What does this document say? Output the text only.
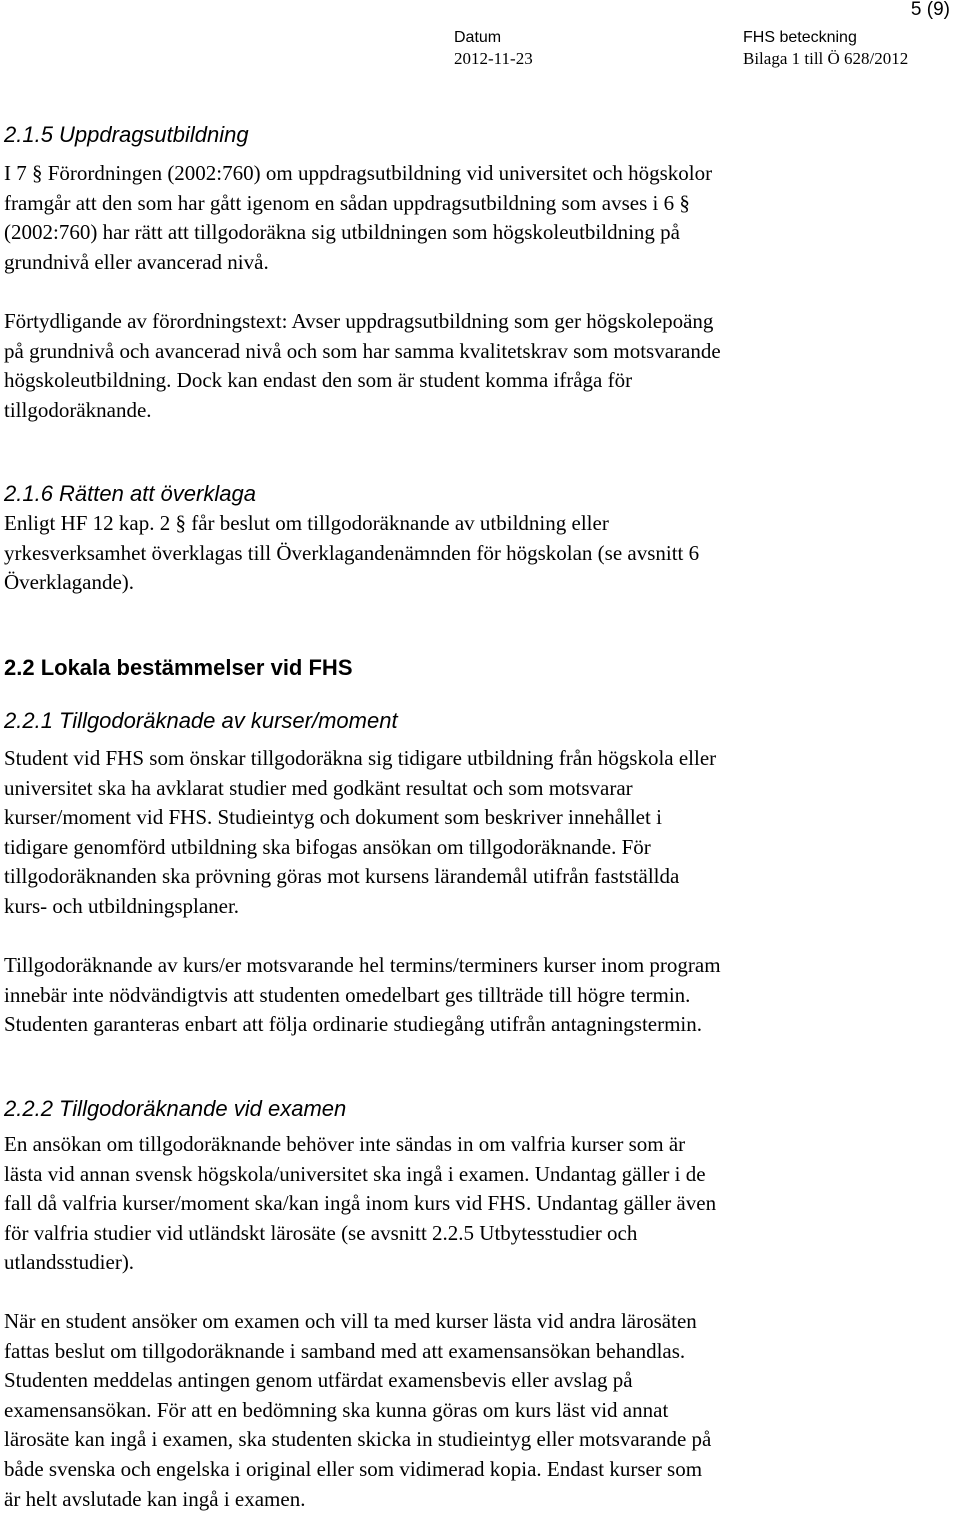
5 (9)
Datum
2012-11-23
FHS beteckning
Bilaga 1 till Ö 628/2012
2.1.5 Uppdragsutbildning
I 7 § Förordningen (2002:760) om uppdragsutbildning vid universitet och högskolor
framgår att den som har gått igenom en sådan uppdragsutbildning som avses i 6 §
(2002:760) har rätt att tillgodoräkna sig utbildningen som högskoleutbildning på
grundnivå eller avancerad nivå.
Förtydligande av förordningstext: Avser uppdragsutbildning som ger högskolepoäng
på grundnivå och avancerad nivå och som har samma kvalitetskrav som motsvarande
högskoleutbildning. Dock kan endast den som är student komma ifråga för
tillgodoräknande.
2.1.6 Rätten att överklaga
Enligt HF 12 kap. 2 § får beslut om tillgodoräknande av utbildning eller
yrkesverksamhet överklagas till Överklagandenämnden för högskolan (se avsnitt 6
Överklagande).
2.2 Lokala bestämmelser vid FHS
2.2.1 Tillgodoräknade av kurser/moment
Student vid FHS som önskar tillgodoräkna sig tidigare utbildning från högskola eller
universitet ska ha avklarat studier med godkänt resultat och som motsvarar
kurser/moment vid FHS. Studieintyg och dokument som beskriver innehållet i
tidigare genomförd utbildning ska bifogas ansökan om tillgodoräknande. För
tillgodoräknanden ska prövning göras mot kursens lärandemål utifrån fastställda
kurs- och utbildningsplaner.
Tillgodoräknande av kurs/er motsvarande hel termins/terminers kurser inom program
innebär inte nödvändigtvis att studenten omedelbart ges tillträde till högre termin.
Studenten garanteras enbart att följa ordinarie studiegång utifrån antagningstermin.
2.2.2 Tillgodoräknande vid examen
En ansökan om tillgodoräknande behöver inte sändas in om valfria kurser som är
lästa vid annan svensk högskola/universitet ska ingå i examen. Undantag gäller i de
fall då valfria kurser/moment ska/kan ingå inom kurs vid FHS. Undantag gäller även
för valfria studier vid utländskt lärosäte (se avsnitt 2.2.5 Utbytesstudier och
utlandsstudier).
När en student ansöker om examen och vill ta med kurser lästa vid andra lärosäten
fattas beslut om tillgodoräknande i samband med att examensansökan behandlas.
Studenten meddelas antingen genom utfärdat examensbevis eller avslag på
examensansökan. För att en bedömning ska kunna göras om kurs läst vid annat
lärosäte kan ingå i examen, ska studenten skicka in studieintyg eller motsvarande på
både svenska och engelska i original eller som vidimerad kopia. Endast kurser som
är helt avslutade kan ingå i examen.
